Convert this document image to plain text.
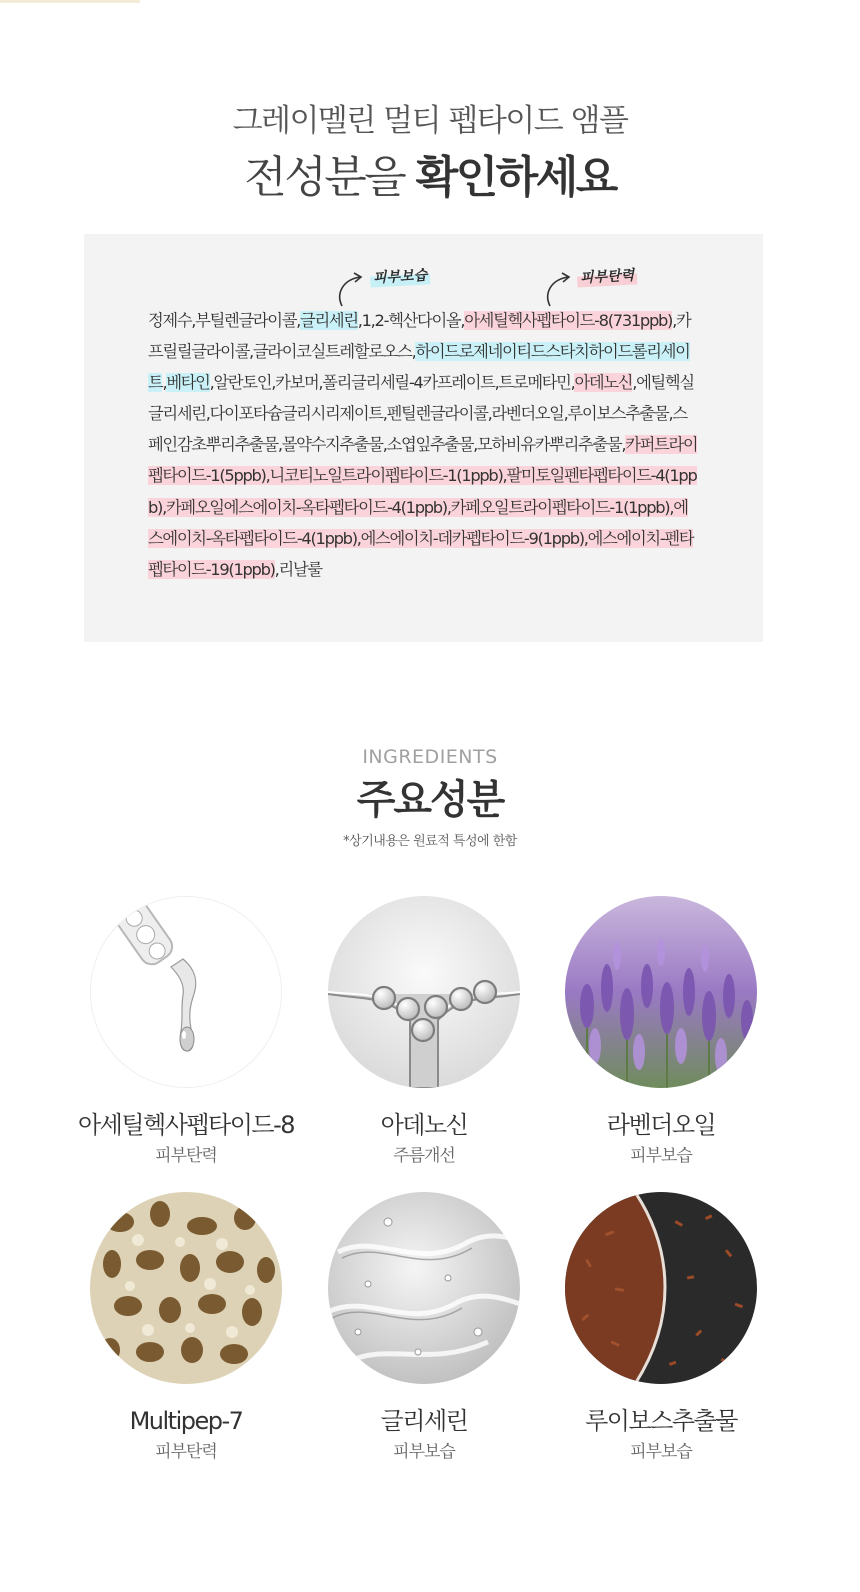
그레이멜린 멀티 펩타이드 앰플
전성분을 확인하세요
피부보습	피부탄력
정제수,부틸렌글라이콜,글리세린,1,2-헥산다이올,아세틸헥사펩타이드-8(731ppb),카프릴릴글라이콜,글라이코실트레할로오스,하이드로제네이티드스타치하이드롤리세이트,베타인,알란토인,카보머,폴리글리세릴-4카프레이트,트로메타민,아데노신,에틸헥실글리세린,다이포타슘글리시리제이트,펜틸렌글라이콜,라벤더오일,루이보스추출물,스페인감초뿌리추출물,몰약수지추출물,소엽잎추출물,모하비유카뿌리추출물,카퍼트라이펩타이드-1(5ppb),니코티노일트라이펩타이드-1(1ppb),팔미토일펜타펩타이드-4(1ppb),카페오일에스에이치-옥타펩타이드-4(1ppb),카페오일트라이펩타이드-1(1ppb),에스에이치-옥타펩타이드-4(1ppb),에스에이치-데카펩타이드-9(1ppb),에스에이치-펜타펩타이드-19(1ppb),리날룰
INGREDIENTS
주요성분
*상기내용은 원료적 특성에 한함
아세틸헥사펩타이드-8
피부탄력
아데노신
주름개선
라벤더오일
피부보습
Multipep-7
피부탄력
글리세린
피부보습
루이보스추출물
피부보습
